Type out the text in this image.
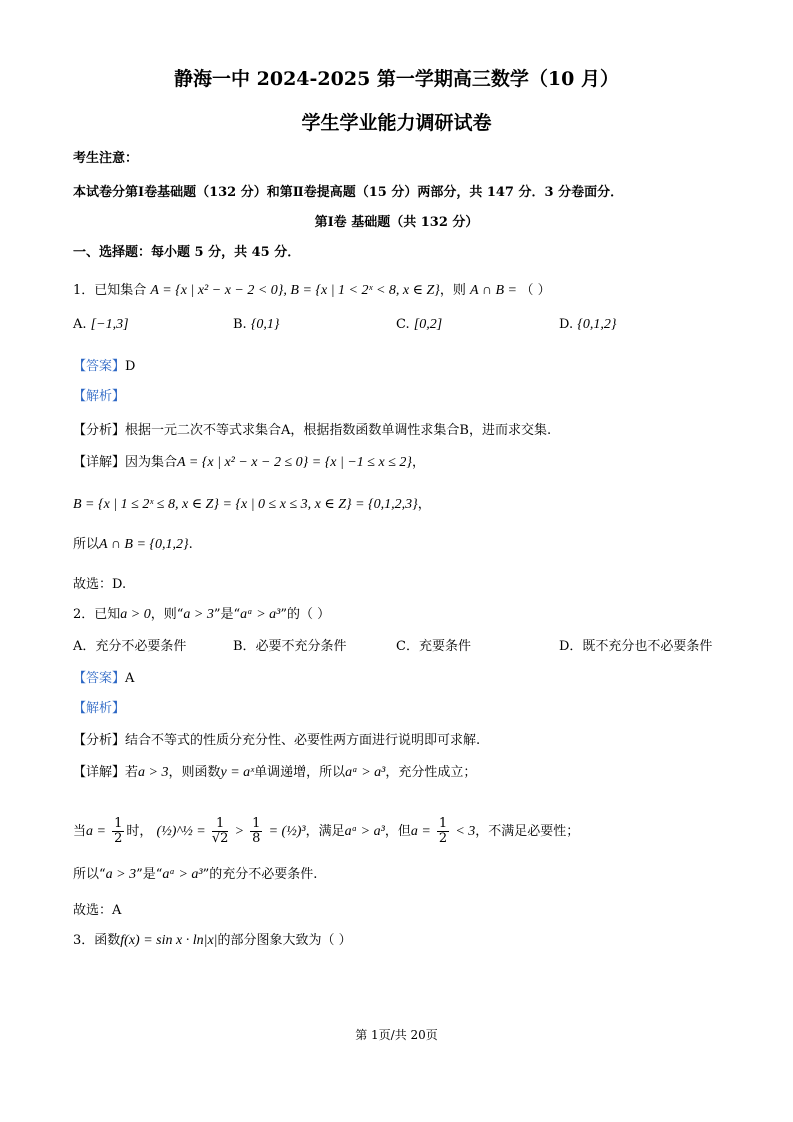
静海一中 2024-2025 第一学期高三数学（10 月）
学生学业能力调研试卷
考生注意：
本试卷分第Ⅰ卷基础题（132 分）和第Ⅱ卷提高题（15 分）两部分，共 147 分．3 分卷面分．
第Ⅰ卷 基础题（共 132 分）
一、选择题：每小题 5 分，共 45 分．
1．已知集合 A = {x | x² − x − 2 < 0}, B = {x | 1 < 2ˣ < 8, x ∈ Z}，则 A ∩ B = （ ）
A. [−1,3]	B. {0,1}	C. [0,2]	D. {0,1,2}
【答案】D
【解析】
【分析】根据一元二次不等式求集合A，根据指数函数单调性求集合B，进而求交集.
【详解】因为集合A = {x | x² − x − 2 ≤ 0} = {x | −1 ≤ x ≤ 2}，
B = {x | 1 ≤ 2ˣ ≤ 8, x ∈ Z} = {x | 0 ≤ x ≤ 3, x ∈ Z} = {0,1,2,3}，
所以A ∩ B = {0,1,2}.
故选：D.
2．已知a > 0，则“a > 3”是“aᵃ > a³”的（ ）
A．充分不必要条件	B．必要不充分条件	C．充要条件	D．既不充分也不必要条件
【答案】A
【解析】
【分析】结合不等式的性质分充分性、必要性两方面进行说明即可求解.
【详解】若a > 3，则函数y = aˣ单调递增，所以aᵃ > a³，充分性成立；
当$a = \frac{1}{2}$ 时， (½)^½ = $\frac{1}{√2} > \frac{1}{8}$ = (½)³，满足aᵃ > a³，但$a = \frac{1}{2} < 3$，不满足必要性；
所以“a > 3”是“aᵃ > a³”的充分不必要条件.
故选：A
3．函数f(x) = sin x · ln|x|的部分图象大致为（ ）
第 1页/共 20页
